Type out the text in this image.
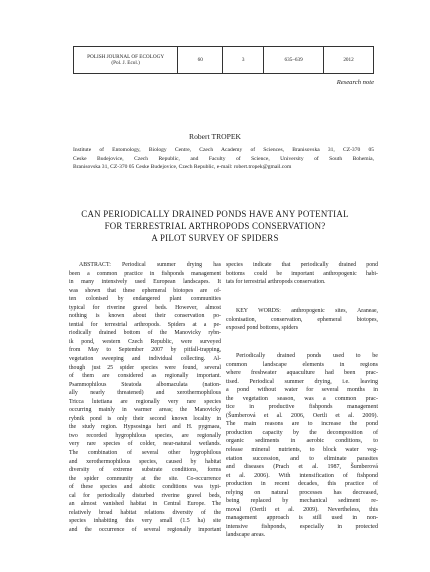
POLISH JOURNAL OF ECOLOGY
(Pol. J. Ecol.)
	60	3	635–639	2012
Research note
Robert TROPEK
Institute of Entomology, Biology Centre, Czech Academy of Sciences, Branisovska 31, CZ-370 05
Ceske Budejovice, Czech Republic, and Faculty of Science, University of South Bohemia,
Branisovska 31, CZ-370 05 Ceske Budejovice, Czech Republic, e-mail: robert.tropek@gmail.com
CAN PERIODICALLY DRAINED PONDS HAVE ANY POTENTIAL
FOR TERRESTRIAL ARTHROPODS CONSERVATION?
A PILOT SURVEY OF SPIDERS
ABSTRACT: Periodical summer drying has
been a common practice in fishponds management
in many intensively used European landscapes. It
was shown that these ephemeral biotopes are of-
ten colonised by endangered plant communities
typical for riverine gravel beds. However, almost
nothing is known about their conservation po-
tential for terrestrial arthropods. Spiders at a pe-
riodically drained bottom of the Manovicky rybn-
ik pond, western Czech Republic, were surveyed
from May to September 2007 by pitfall-trapping,
vegetation sweeping and individual collecting. Al-
though just 25 spider species were found, several
of them are considered as regionally important.
Psammophilous Steatoda albomaculata (nation-
ally nearly threatened) and xerothermophilous
Tricca lutetiana are regionally very rare species
occurring mainly in warmer areas; the Manovicky
rybnik pond is only their second known locality in
the study region. Hypsosinga heri and H. pygmaea,
two recorded hygrophilous species, are regionally
very rare species of colder, near-natural wetlands.
The combination of several other hygrophilous
and xerothermophilous species, caused by habitat
diversity of extreme substrate conditions, forms
the spider community at the site. Co-occurrence
of these species and abiotic conditions was typi-
cal for periodically disturbed riverine gravel beds,
an almost vanished habitat in Central Europe. The
relatively broad habitat relations diversity of the
species inhabiting this very small (1.5 ha) site
and the occurrence of several regionally important
species indicate that periodically drained pond
bottoms could be important anthropogenic habi-
tats for terrestrial arthropods conservation.
KEY WORDS: anthropogenic sites, Araneae,
colonisation, conservation, ephemeral biotopes,
exposed pond bottoms, spiders
Periodically drained ponds used to be
common landscape elements in regions
where freshwater aquaculture had been prac-
tised. Periodical summer drying, i.e. leaving
a pond without water for several months in
the vegetation season, was a common prac-
tice in productive fishponds management
(Šumberová et al. 2006, Oertli et al. 2009).
The main reasons are to increase the pond
production capacity by the decomposition of
organic sediments in aerobic conditions, to
release mineral nutrients, to block water veg-
etation succession, and to eliminate parasites
and diseases (Prach et al. 1987, Šumberová
et al. 2006). With intensification of fishpond
production in recent decades, this practice of
relying on natural processes has decreased,
being replaced by mechanical sediment re-
moval (Oertli et al. 2009). Nevertheless, this
management approach is still used in non-
intensive fishponds, especially in protected
landscape areas.
